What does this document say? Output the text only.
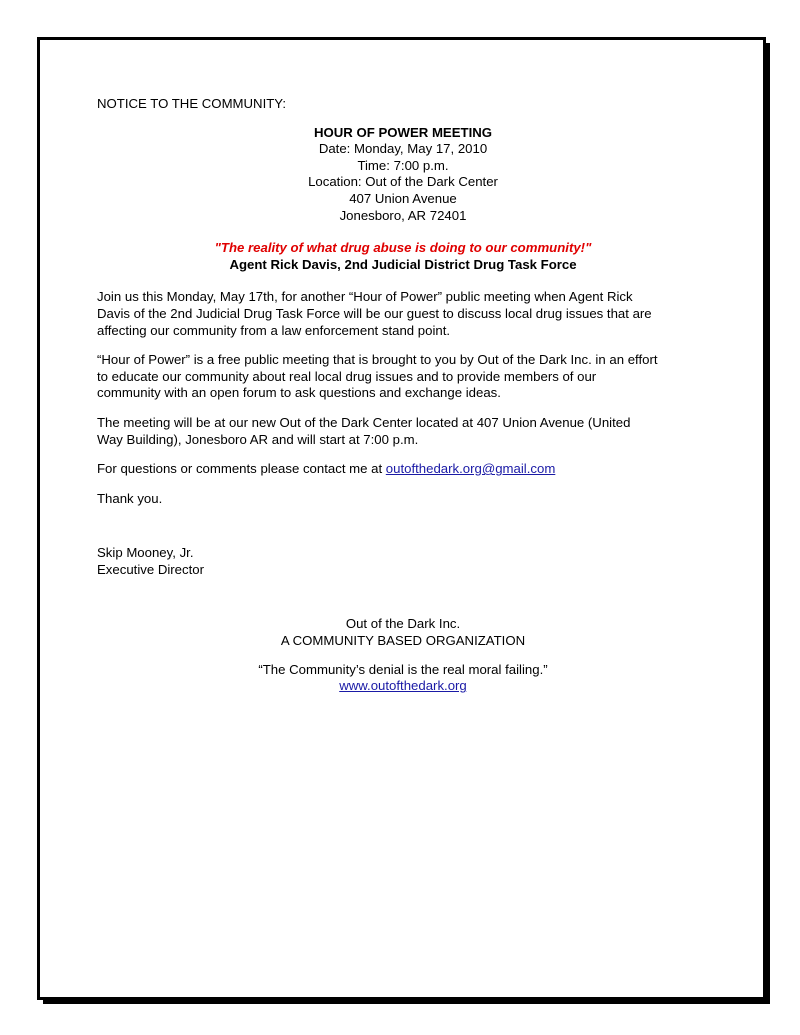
NOTICE TO THE COMMUNITY:
HOUR OF POWER MEETING
Date: Monday, May 17, 2010
Time: 7:00 p.m.
Location: Out of the Dark Center
407 Union Avenue
Jonesboro, AR 72401
"The reality of what drug abuse is doing to our community!"
Agent Rick Davis, 2nd Judicial District Drug Task Force
Join us this Monday, May 17th, for another “Hour of Power” public meeting when Agent Rick
Davis of the 2nd Judicial Drug Task Force will be our guest to discuss local drug issues that are
affecting our community from a law enforcement stand point.
“Hour of Power” is a free public meeting that is brought to you by Out of the Dark Inc. in an effort
to educate our community about real local drug issues and to provide members of our
community with an open forum to ask questions and exchange ideas.
The meeting will be at our new Out of the Dark Center located at 407 Union Avenue (United
Way Building), Jonesboro AR and will start at 7:00 p.m.
For questions or comments please contact me at outofthedark.org@gmail.com
Thank you.
Skip Mooney, Jr.
Executive Director
Out of the Dark Inc.
A COMMUNITY BASED ORGANIZATION
“The Community’s denial is the real moral failing.”
www.outofthedark.org
